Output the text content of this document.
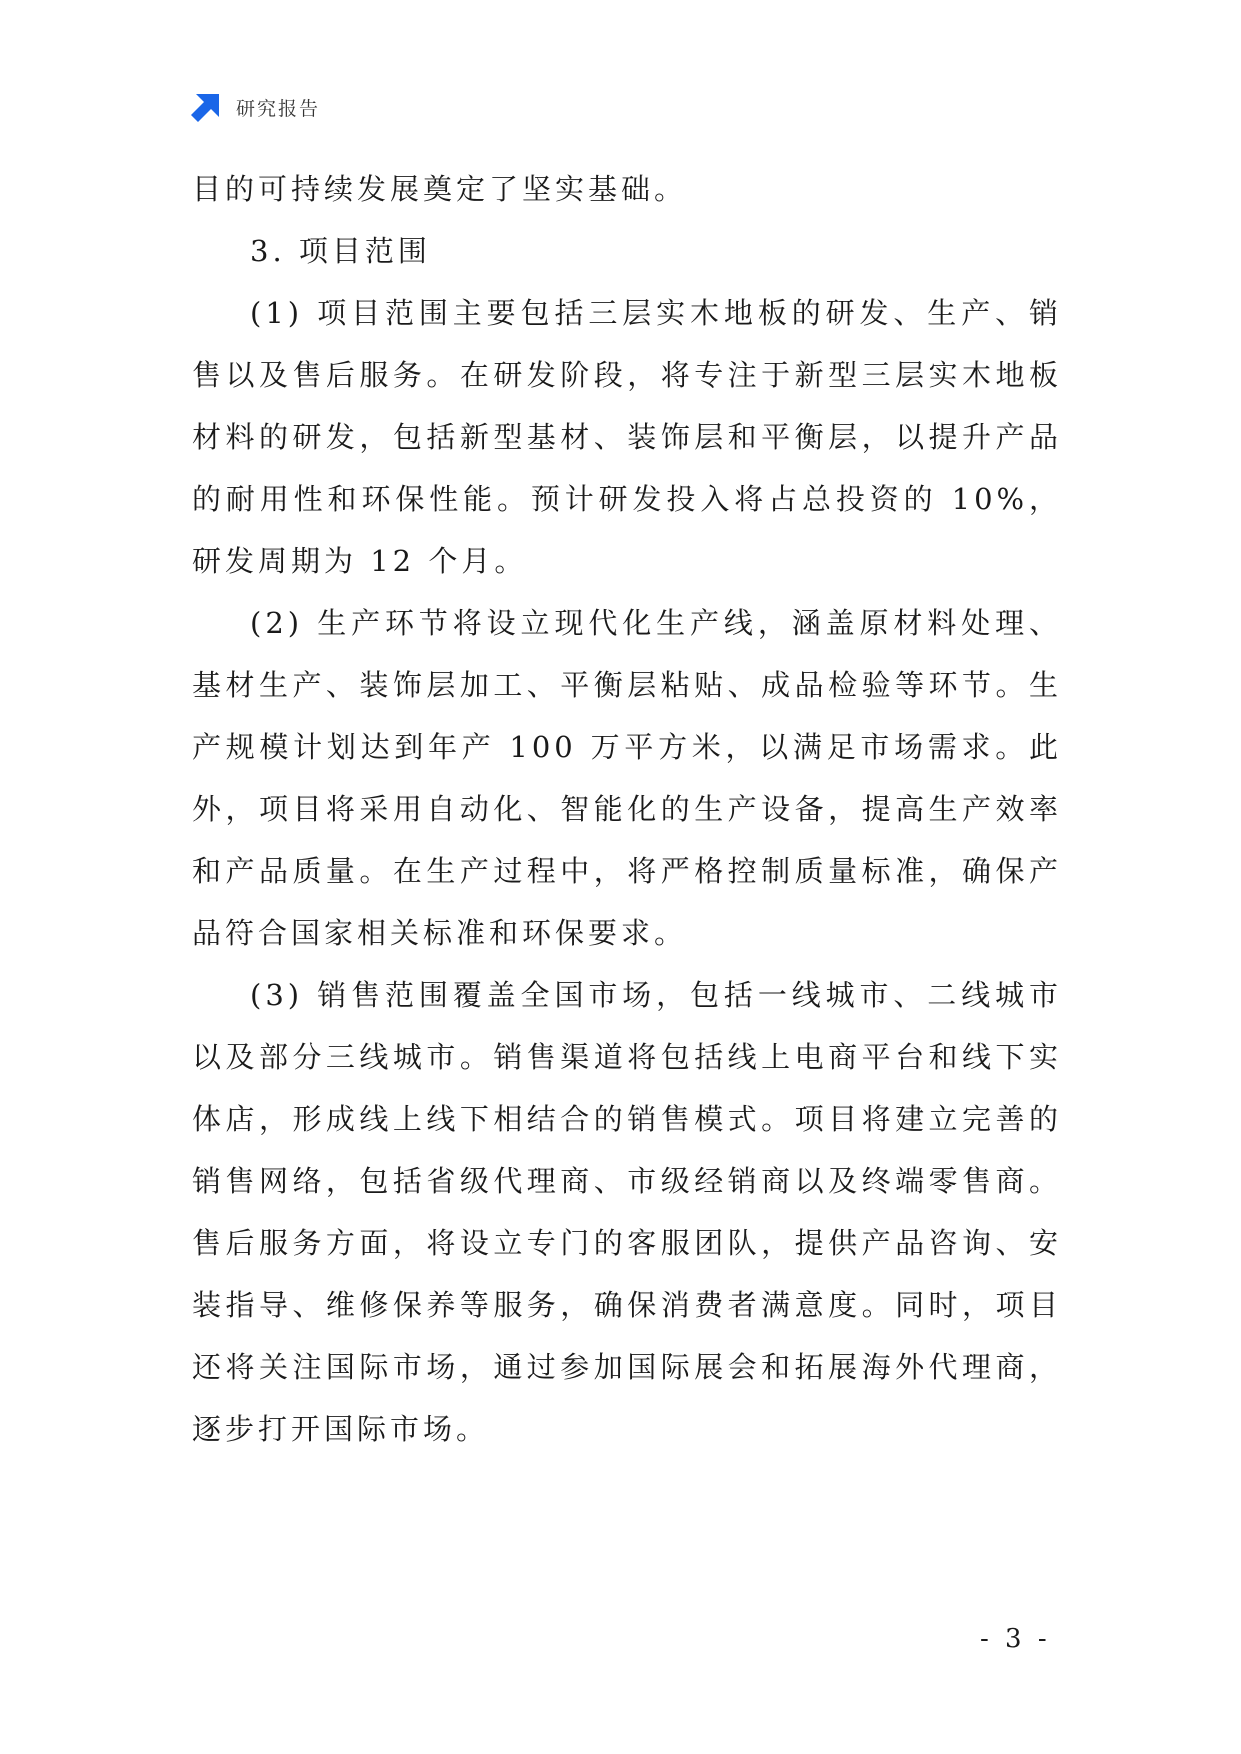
研究报告

目的可持续发展奠定了坚实基础。

3. 项目范围

(1) 项目范围主要包括三层实木地板的研发、生产、销售以及售后服务。在研发阶段，将专注于新型三层实木地板材料的研发，包括新型基材、装饰层和平衡层，以提升产品的耐用性和环保性能。预计研发投入将占总投资的 10%，研发周期为 12 个月。

(2) 生产环节将设立现代化生产线，涵盖原材料处理、基材生产、装饰层加工、平衡层粘贴、成品检验等环节。生产规模计划达到年产 100 万平方米，以满足市场需求。此外，项目将采用自动化、智能化的生产设备，提高生产效率和产品质量。在生产过程中，将严格控制质量标准，确保产品符合国家相关标准和环保要求。

(3) 销售范围覆盖全国市场，包括一线城市、二线城市以及部分三线城市。销售渠道将包括线上电商平台和线下实体店，形成线上线下相结合的销售模式。项目将建立完善的销售网络，包括省级代理商、市级经销商以及终端零售商。售后服务方面，将设立专门的客服团队，提供产品咨询、安装指导、维修保养等服务，确保消费者满意度。同时，项目还将关注国际市场，通过参加国际展会和拓展海外代理商，逐步打开国际市场。

- 3 -
